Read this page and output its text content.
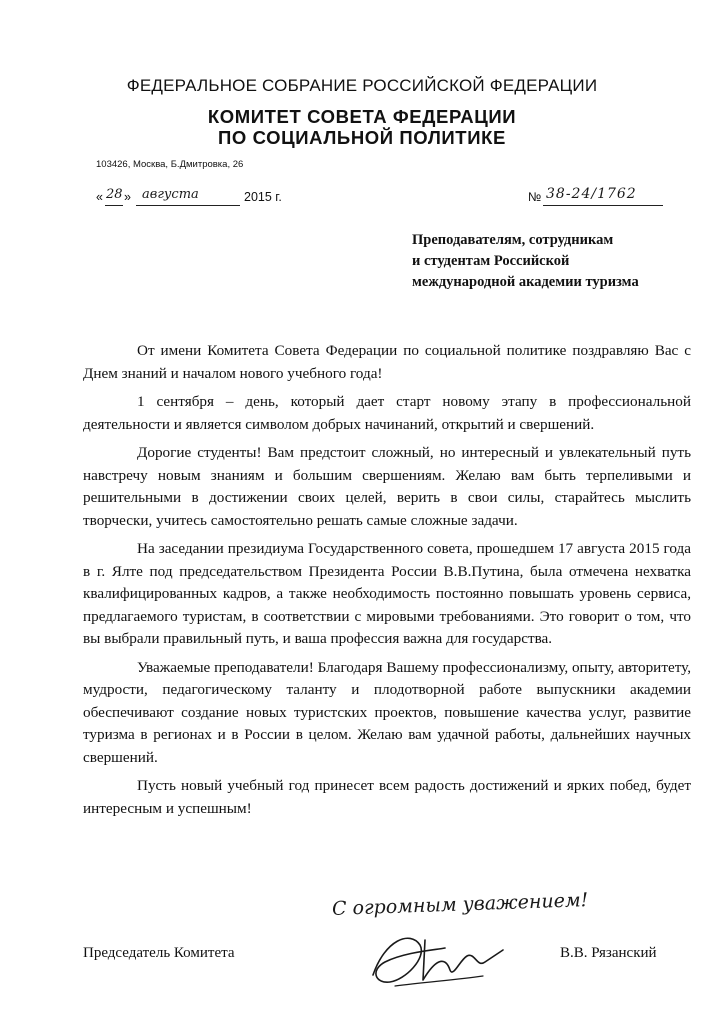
ФЕДЕРАЛЬНОЕ СОБРАНИЕ РОССИЙСКОЙ ФЕДЕРАЦИИ
КОМИТЕТ СОВЕТА ФЕДЕРАЦИИ
ПО СОЦИАЛЬНОЙ ПОЛИТИКЕ
103426, Москва, Б.Дмитровка, 26
« 28 » августа	2015 г.	№ 38-24/1762
Преподавателям, сотрудникам
и студентам Российской
международной академии туризма

От имени Комитета Совета Федерации по социальной политике поздравляю Вас с Днем знаний и началом нового учебного года!

1 сентября – день, который дает старт новому этапу в профессиональной деятельности и является символом добрых начинаний, открытий и свершений.

Дорогие студенты! Вам предстоит сложный, но интересный и увлекательный путь навстречу новым знаниям и большим свершениям. Желаю вам быть терпеливыми и решительными в достижении своих целей, верить в свои силы, старайтесь мыслить творчески, учитесь самостоятельно решать самые сложные задачи.

На заседании президиума Государственного совета, прошедшем 17 августа 2015 года в г. Ялте под председательством Президента России В.В.Путина, была отмечена нехватка квалифицированных кадров, а также необходимость постоянно повышать уровень сервиса, предлагаемого туристам, в соответствии с мировыми требованиями. Это говорит о том, что вы выбрали правильный путь, и ваша профессия важна для государства.

Уважаемые преподаватели! Благодаря Вашему профессионализму, опыту, авторитету, мудрости, педагогическому таланту и плодотворной работе выпускники академии обеспечивают создание новых туристских проектов, повышение качества услуг, развитие туризма в регионах и в России в целом. Желаю вам удачной работы, дальнейших научных свершений.

Пусть новый учебный год принесет всем радость достижений и ярких побед, будет интересным и успешным!

С огромным уважением!
Председатель Комитета	В.В. Рязанский
